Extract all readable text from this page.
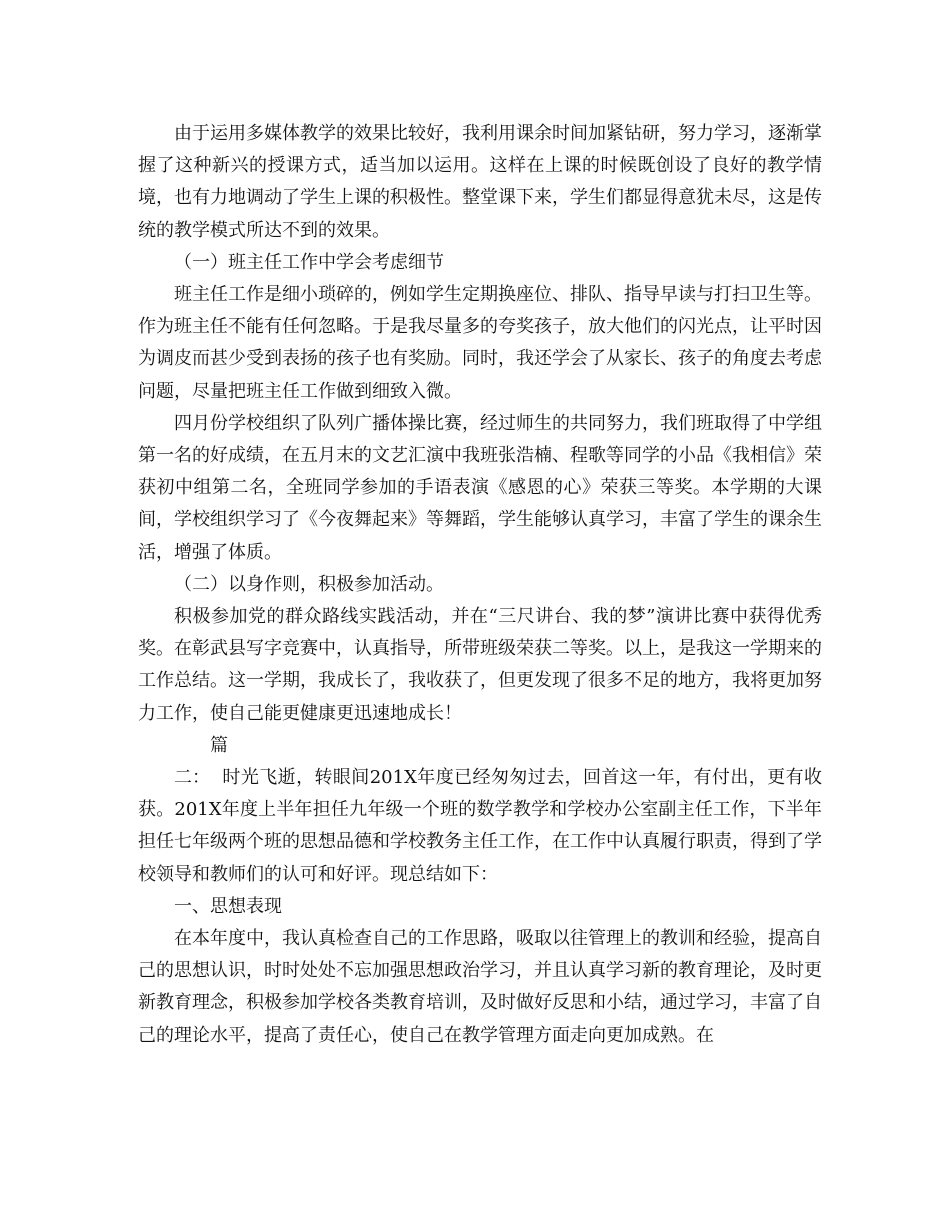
由于运用多媒体教学的效果比较好，我利用课余时间加紧钻研，努力学习，逐渐掌握了这种新兴的授课方式，适当加以运用。这样在上课的时候既创设了良好的教学情境，也有力地调动了学生上课的积极性。整堂课下来，学生们都显得意犹未尽，这是传统的教学模式所达不到的效果。

（一）班主任工作中学会考虑细节

班主任工作是细小琐碎的，例如学生定期换座位、排队、指导早读与打扫卫生等。作为班主任不能有任何忽略。于是我尽量多的夸奖孩子，放大他们的闪光点，让平时因为调皮而甚少受到表扬的孩子也有奖励。同时，我还学会了从家长、孩子的角度去考虑问题，尽量把班主任工作做到细致入微。

四月份学校组织了队列广播体操比赛，经过师生的共同努力，我们班取得了中学组第一名的好成绩，在五月末的文艺汇演中我班张浩楠、程歌等同学的小品《我相信》荣获初中组第二名，全班同学参加的手语表演《感恩的心》荣获三等奖。本学期的大课间，学校组织学习了《今夜舞起来》等舞蹈，学生能够认真学习，丰富了学生的课余生活，增强了体质。

（二）以身作则，积极参加活动。

积极参加党的群众路线实践活动，并在“三尺讲台、我的梦”演讲比赛中获得优秀奖。在彰武县写字竞赛中，认真指导，所带班级荣获二等奖。以上，是我这一学期来的工作总结。这一学期，我成长了，我收获了，但更发现了很多不足的地方，我将更加努力工作，使自己能更健康更迅速地成长！

篇二： 时光飞逝，转眼间201X年度已经匆匆过去，回首这一年，有付出，更有收获。201X年度上半年担任九年级一个班的数学教学和学校办公室副主任工作，下半年担任七年级两个班的思想品德和学校教务主任工作，在工作中认真履行职责，得到了学校领导和教师们的认可和好评。现总结如下：

一、思想表现

在本年度中，我认真检查自己的工作思路，吸取以往管理上的教训和经验，提高自己的思想认识，时时处处不忘加强思想政治学习，并且认真学习新的教育理论，及时更新教育理念，积极参加学校各类教育培训，及时做好反思和小结，通过学习，丰富了自己的理论水平，提高了责任心，使自己在教学管理方面走向更加成熟。在
